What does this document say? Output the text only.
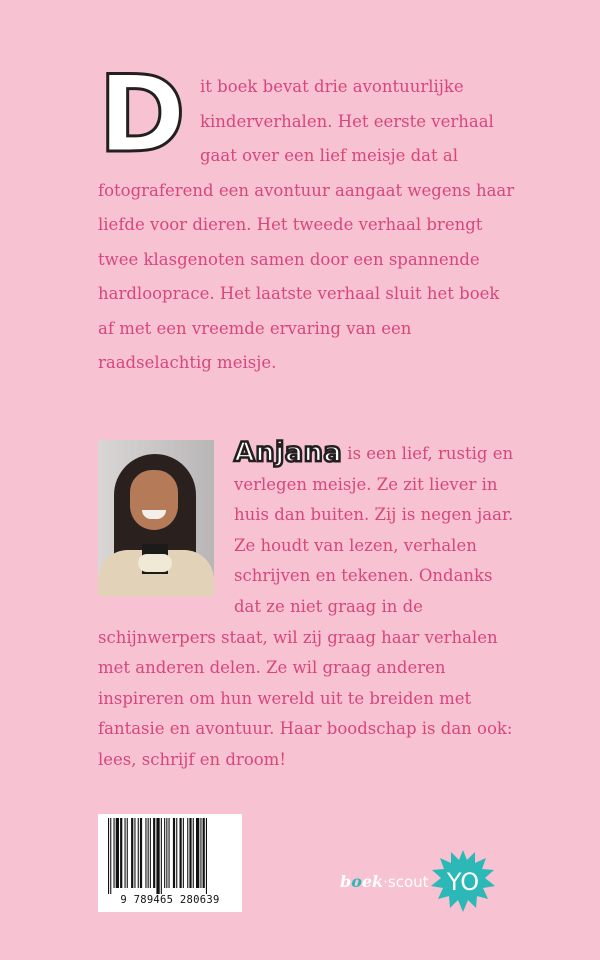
D it boek bevat drie avontuurlijke kinderverhalen. Het eerste verhaal gaat over een lief meisje dat al fotograferend een avontuur aangaat wegens haar liefde voor dieren. Het tweede verhaal brengt twee klasgenoten samen door een spannende hardlooprace. Het laatste verhaal sluit het boek af met een vreemde ervaring van een raadselachtig meisje.

Anjana is een lief, rustig en verlegen meisje. Ze zit liever in huis dan buiten. Zij is negen jaar. Ze houdt van lezen, verhalen schrijven en tekenen. Ondanks dat ze niet graag in de schijnwerpers staat, wil zij graag haar verhalen met anderen delen. Ze wil graag anderen inspireren om hun wereld uit te breiden met fantasie en avontuur. Haar boodschap is dan ook: lees, schrijf en droom!
9 789465 280639
boek·scout YO
